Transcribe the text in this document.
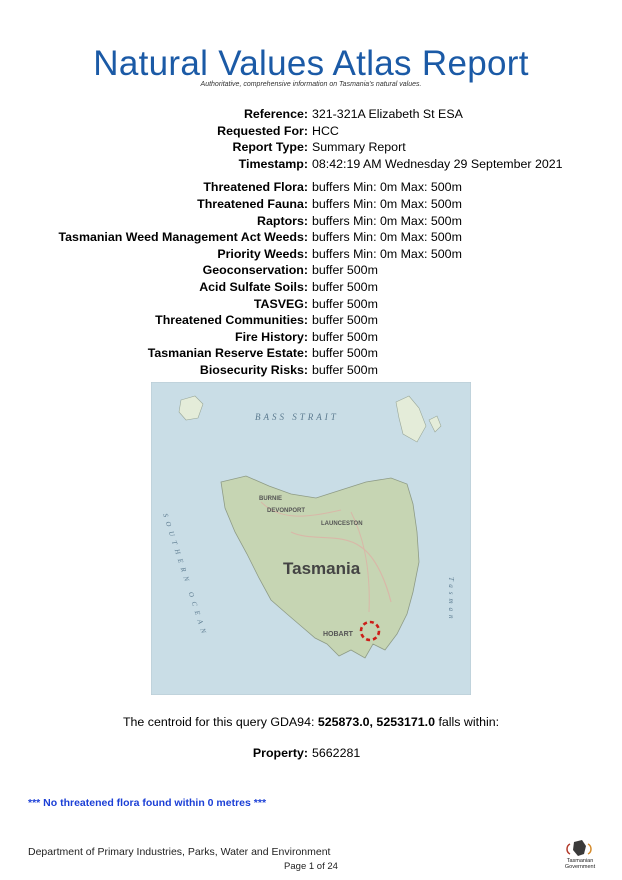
Natural Values Atlas Report
Authoritative, comprehensive information on Tasmania's natural values.
Reference: 321-321A Elizabeth St ESA
Requested For: HCC
Report Type: Summary Report
Timestamp: 08:42:19 AM Wednesday 29 September 2021
Threatened Flora: buffers Min: 0m Max: 500m
Threatened Fauna: buffers Min: 0m Max: 500m
Raptors: buffers Min: 0m Max: 500m
Tasmanian Weed Management Act Weeds: buffers Min: 0m Max: 500m
Priority Weeds: buffers Min: 0m Max: 500m
Geoconservation: buffer 500m
Acid Sulfate Soils: buffer 500m
TASVEG: buffer 500m
Threatened Communities: buffer 500m
Fire History: buffer 500m
Tasmanian Reserve Estate: buffer 500m
Biosecurity Risks: buffer 500m
BASS STRAIT
BURNIE
DEVONPORT
LAUNCESTON
Tasmania
HOBART
SOUTHERN OCEAN	Tasman
The centroid for this query GDA94: 525873.0, 5253171.0 falls within:
Property: 5662281
*** No threatened flora found within 0 metres ***
Department of Primary Industries, Parks, Water and Environment
Page 1 of 24	Tasmanian Government
